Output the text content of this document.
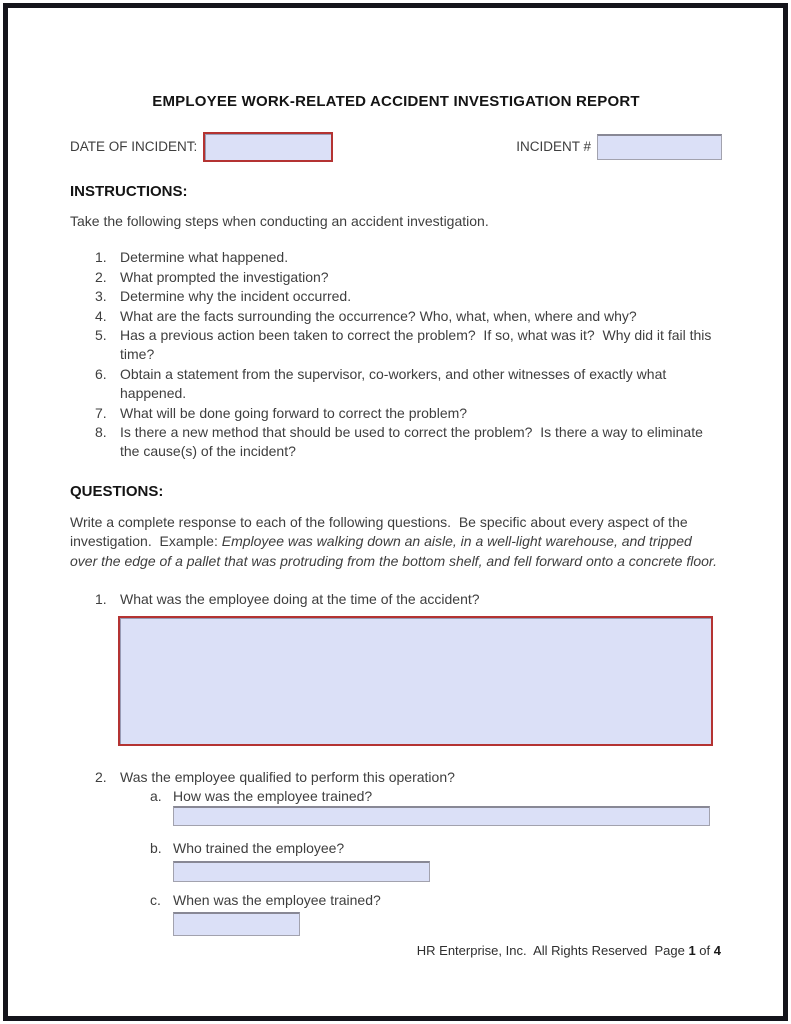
EMPLOYEE WORK-RELATED ACCIDENT INVESTIGATION REPORT
DATE OF INCIDENT:	INCIDENT #
INSTRUCTIONS:

Take the following steps when conducting an accident investigation.

1. Determine what happened.
2. What prompted the investigation?
3. Determine why the incident occurred.
4. What are the facts surrounding the occurrence? Who, what, when, where and why?
5. Has a previous action been taken to correct the problem?  If so, what was it?  Why did it fail this time?
6. Obtain a statement from the supervisor, co-workers, and other witnesses of exactly what happened.
7. What will be done going forward to correct the problem?
8. Is there a new method that should be used to correct the problem?  Is there a way to eliminate the cause(s) of the incident?
QUESTIONS:

Write a complete response to each of the following questions.  Be specific about every aspect of the investigation.  Example: Employee was walking down an aisle, in a well-light warehouse, and tripped over the edge of a pallet that was protruding from the bottom shelf, and fell forward onto a concrete floor.

1. What was the employee doing at the time of the accident?
2. Was the employee qualified to perform this operation?
a. How was the employee trained?
b. Who trained the employee?
c. When was the employee trained?
HR Enterprise, Inc.  All Rights Reserved  Page 1 of 4
